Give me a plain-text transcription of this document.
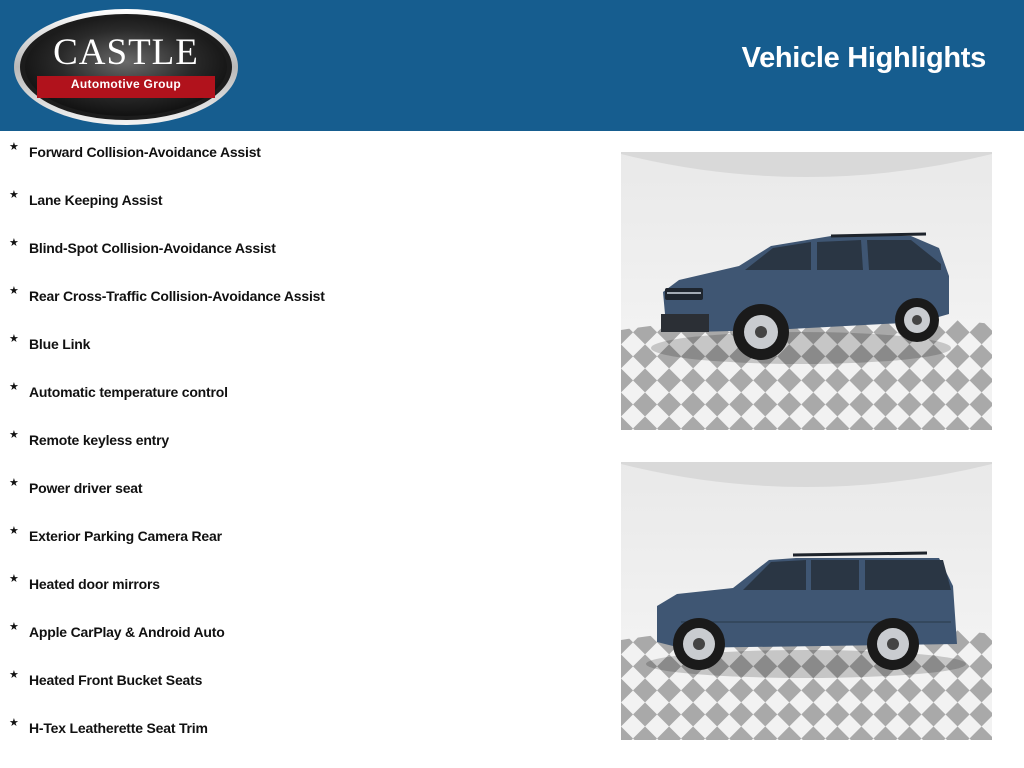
CASTLE
Automotive Group
Vehicle Highlights
★ Forward Collision-Avoidance Assist
★ Lane Keeping Assist
★ Blind-Spot Collision-Avoidance Assist
★ Rear Cross-Traffic Collision-Avoidance Assist
★ Blue Link
★ Automatic temperature control
★ Remote keyless entry
★ Power driver seat
★ Exterior Parking Camera Rear
★ Heated door mirrors
★ Apple CarPlay & Android Auto
★ Heated Front Bucket Seats
★ H-Tex Leatherette Seat Trim
